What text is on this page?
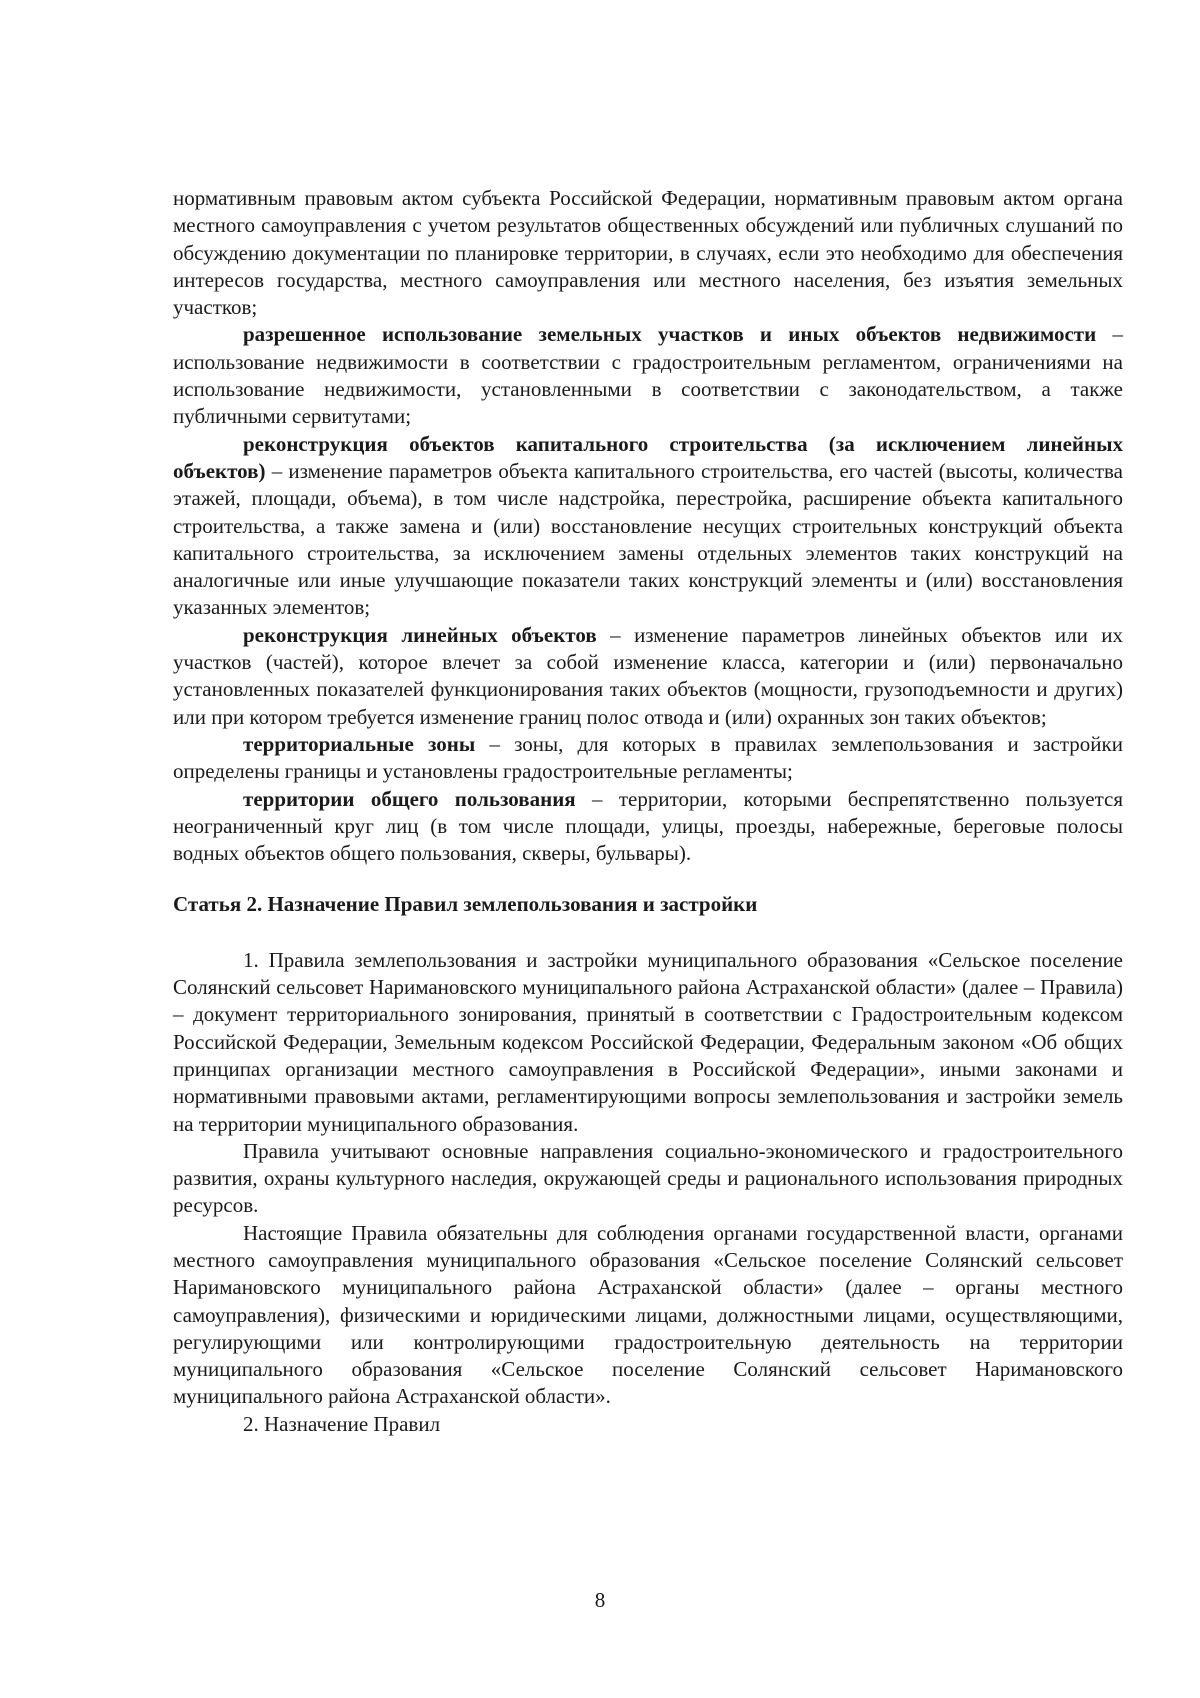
нормативным правовым актом субъекта Российской Федерации, нормативным правовым актом органа местного самоуправления с учетом результатов общественных обсуждений или публичных слушаний по обсуждению документации по планировке территории, в случаях, если это необходимо для обеспечения интересов государства, местного самоуправления или местного населения, без изъятия земельных участков;

разрешенное использование земельных участков и иных объектов недвижимости – использование недвижимости в соответствии с градостроительным регламентом, ограничениями на использование недвижимости, установленными в соответствии с законодательством, а также публичными сервитутами;

реконструкция объектов капитального строительства (за исключением линейных объектов) – изменение параметров объекта капитального строительства, его частей (высоты, количества этажей, площади, объема), в том числе надстройка, перестройка, расширение объекта капитального строительства, а также замена и (или) восстановление несущих строительных конструкций объекта капитального строительства, за исключением замены отдельных элементов таких конструкций на аналогичные или иные улучшающие показатели таких конструкций элементы и (или) восстановления указанных элементов;

реконструкция линейных объектов – изменение параметров линейных объектов или их участков (частей), которое влечет за собой изменение класса, категории и (или) первоначально установленных показателей функционирования таких объектов (мощности, грузоподъемности и других) или при котором требуется изменение границ полос отвода и (или) охранных зон таких объектов;

территориальные зоны – зоны, для которых в правилах землепользования и застройки определены границы и установлены градостроительные регламенты;

территории общего пользования – территории, которыми беспрепятственно пользуется неограниченный круг лиц (в том числе площади, улицы, проезды, набережные, береговые полосы водных объектов общего пользования, скверы, бульвары).

Статья 2. Назначение Правил землепользования и застройки

1. Правила землепользования и застройки муниципального образования «Сельское поселение Солянский сельсовет Наримановского муниципального района Астраханской области» (далее – Правила) – документ территориального зонирования, принятый в соответствии с Градостроительным кодексом Российской Федерации, Земельным кодексом Российской Федерации, Федеральным законом «Об общих принципах организации местного самоуправления в Российской Федерации», иными законами и нормативными правовыми актами, регламентирующими вопросы землепользования и застройки земель на территории муниципального образования.

Правила учитывают основные направления социально-экономического и градостроительного развития, охраны культурного наследия, окружающей среды и рационального использования природных ресурсов.

Настоящие Правила обязательны для соблюдения органами государственной власти, органами местного самоуправления муниципального образования «Сельское поселение Солянский сельсовет Наримановского муниципального района Астраханской области» (далее – органы местного самоуправления), физическими и юридическими лицами, должностными лицами, осуществляющими, регулирующими или контролирующими градостроительную деятельность на территории муниципального образования «Сельское поселение Солянский сельсовет Наримановского муниципального района Астраханской области».

2. Назначение Правил

8
